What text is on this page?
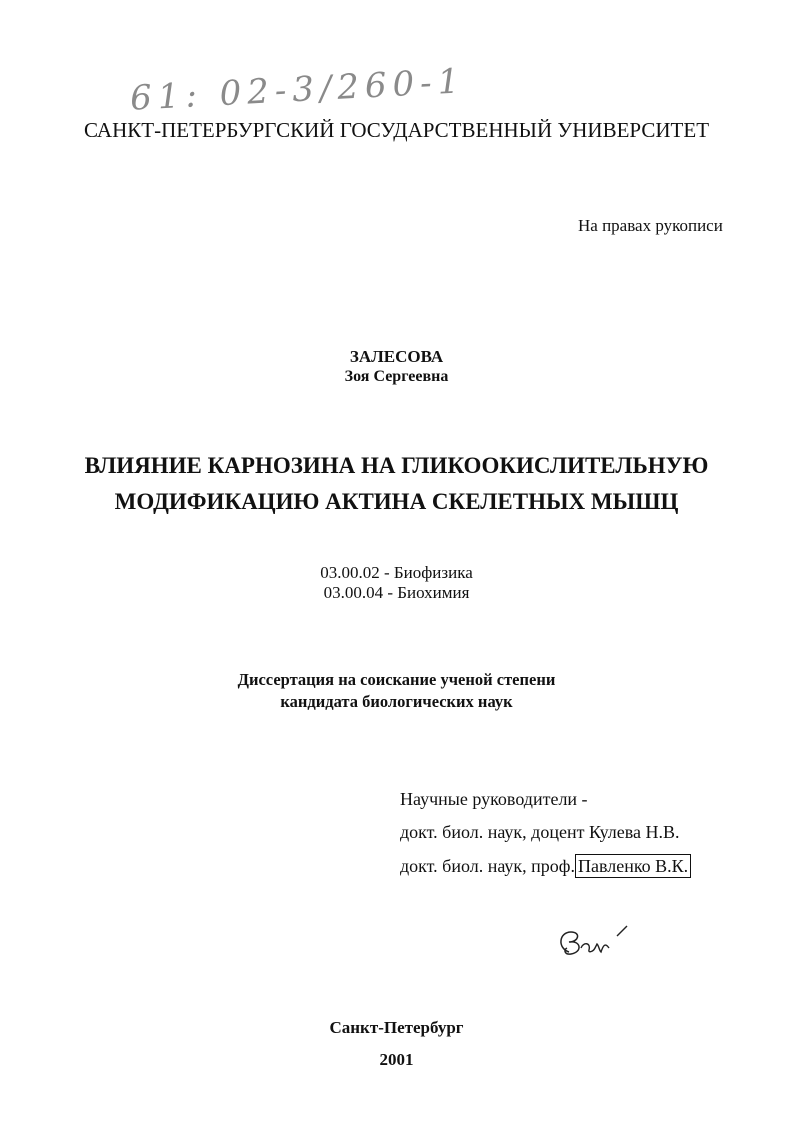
61: 02-3/260-1
САНКТ-ПЕТЕРБУРГСКИЙ ГОСУДАРСТВЕННЫЙ УНИВЕРСИТЕТ
На правах рукописи
ЗАЛЕСОВА
Зоя Сергеевна
ВЛИЯНИЕ КАРНОЗИНА НА ГЛИКООКИСЛИТЕЛЬНУЮ
МОДИФИКАЦИЮ АКТИНА СКЕЛЕТНЫХ МЫШЦ
03.00.02 - Биофизика
03.00.04 - Биохимия
Диссертация на соискание ученой степени
кандидата биологических наук
Научные руководители -
докт. биол. наук, доцент Кулева Н.В.
докт. биол. наук, проф. Павленко В.К.
Санкт-Петербург
2001
